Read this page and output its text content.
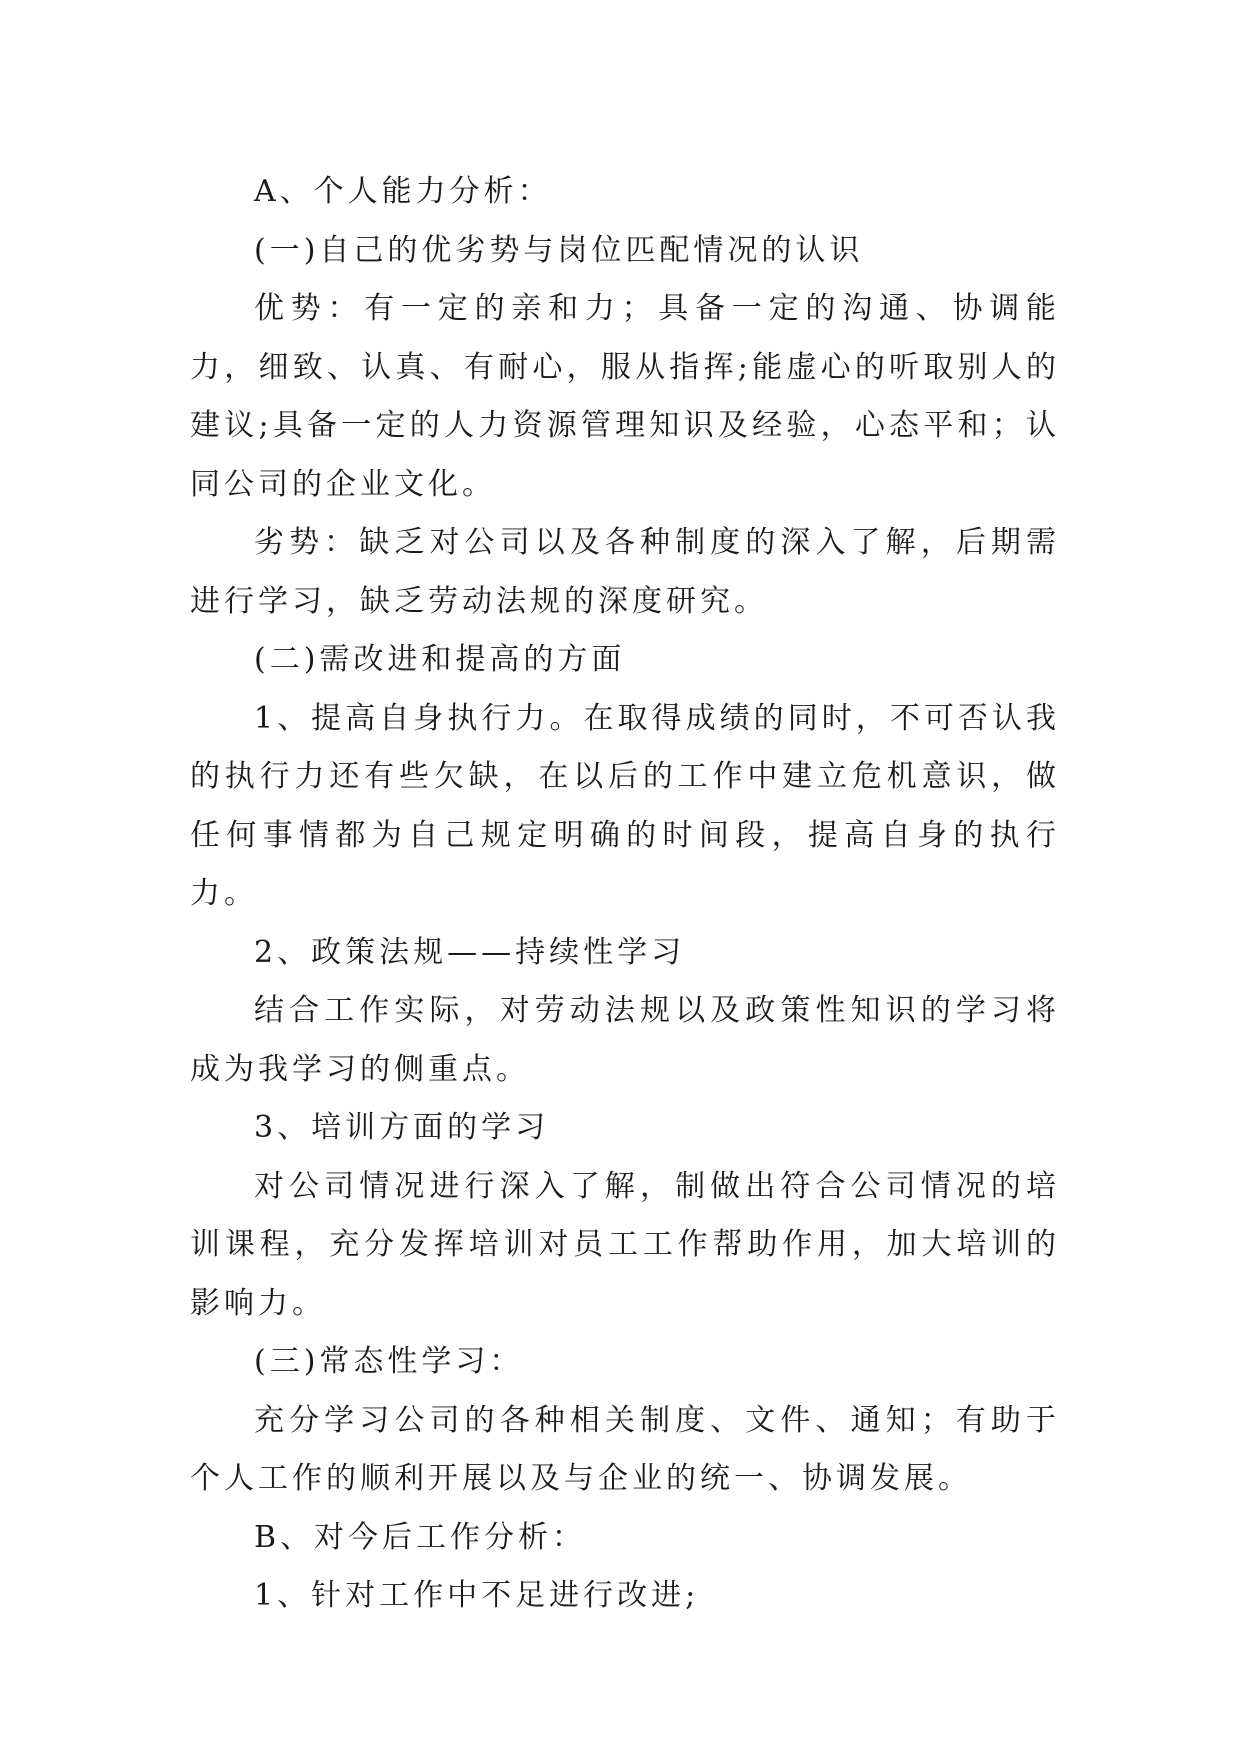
A、个人能力分析：

(一)自己的优劣势与岗位匹配情况的认识

优势：有一定的亲和力；具备一定的沟通、协调能力，细致、认真、有耐心，服从指挥;能虚心的听取别人的建议;具备一定的人力资源管理知识及经验，心态平和；认同公司的企业文化。

劣势：缺乏对公司以及各种制度的深入了解，后期需进行学习，缺乏劳动法规的深度研究。

(二)需改进和提高的方面

1、提高自身执行力。在取得成绩的同时，不可否认我的执行力还有些欠缺，在以后的工作中建立危机意识，做任何事情都为自己规定明确的时间段，提高自身的执行力。

2、政策法规——持续性学习

结合工作实际，对劳动法规以及政策性知识的学习将成为我学习的侧重点。

3、培训方面的学习

对公司情况进行深入了解，制做出符合公司情况的培训课程，充分发挥培训对员工工作帮助作用，加大培训的影响力。

(三)常态性学习：

充分学习公司的各种相关制度、文件、通知；有助于个人工作的顺利开展以及与企业的统一、协调发展。

B、对今后工作分析：

1、针对工作中不足进行改进;
